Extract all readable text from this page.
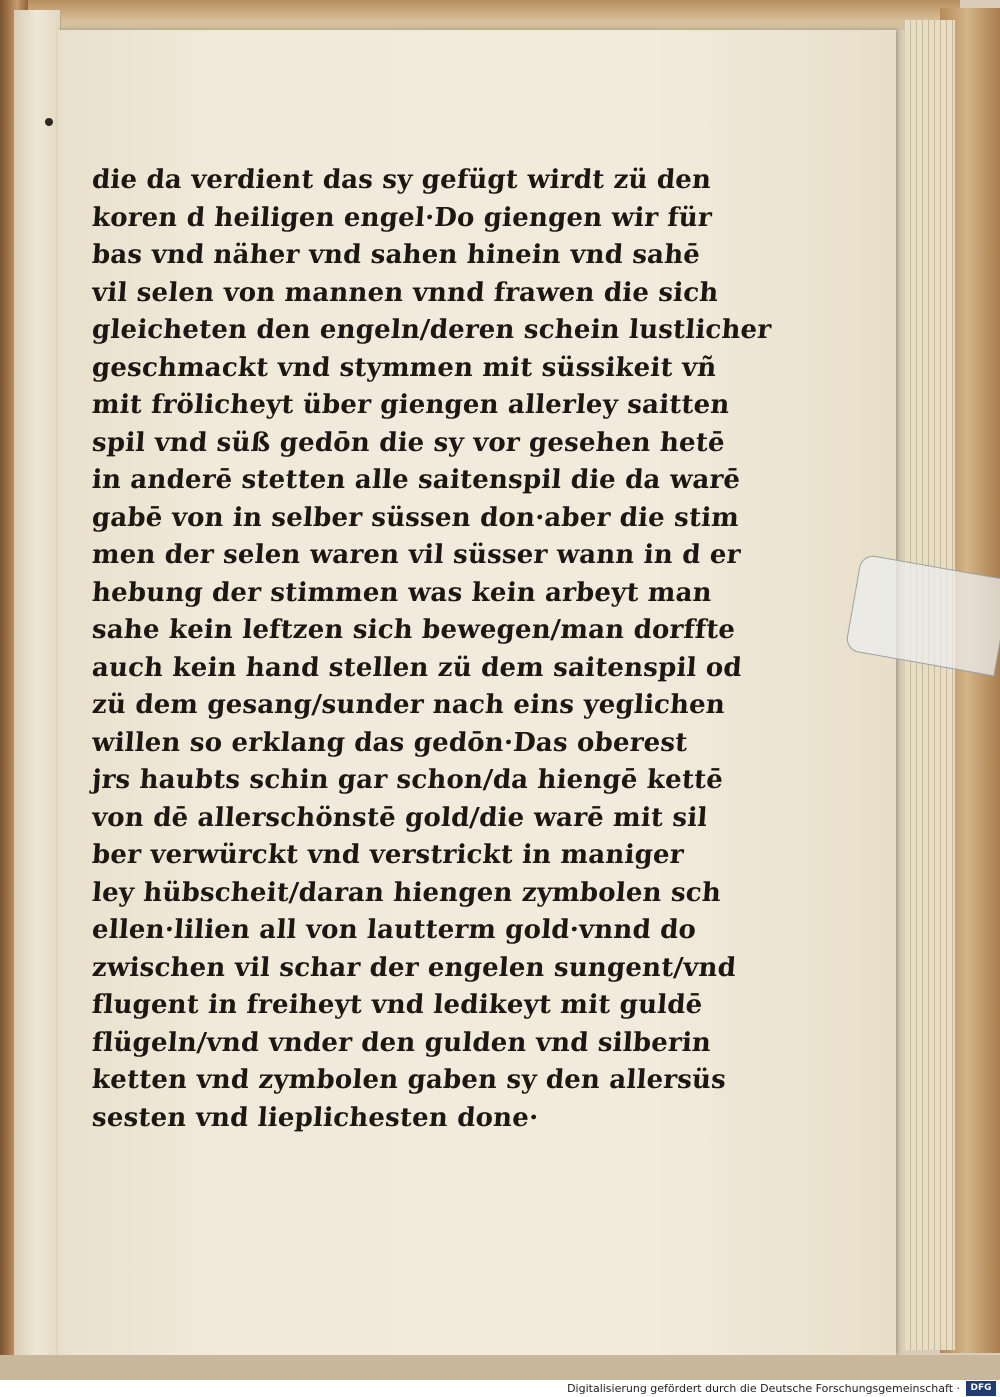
die da verdient das sy gefügt wirdt zü den
koren d heiligen engel·Do giengen wir für
bas vnd näher vnd sahen hinein vnd sahē
vil selen von mannen vnnd frawen die sich
gleicheten den engeln/deren schein lustlicher
geschmackt vnd stymmen mit süssikeit vñ
mit frölicheyt über giengen allerley saitten
spil vnd süß gedōn die sy vor gesehen hetē
in anderē stetten alle saitenspil die da warē
gabē von in selber süssen don·aber die stim
men der selen waren vil süsser wann in d er
hebung der stimmen was kein arbeyt man
sahe kein leftzen sich bewegen/man dorffte
auch kein hand stellen zü dem saitenspil od
zü dem gesang/sunder nach eins yeglichen
willen so erklang das gedōn·Das oberest
jrs haubts schin gar schon/da hiengē kettē
von dē allerschönstē gold/die warē mit sil
ber verwürckt vnd verstrickt in maniger
ley hübscheit/daran hiengen zymbolen sch
ellen·lilien all von lautterm gold·vnnd do
zwischen vil schar der engelen sungent/vnd
flugent in freiheyt vnd ledikeyt mit guldē
flügeln/vnd vnder den gulden vnd silberin
ketten vnd zymbolen gaben sy den allersüs
sesten vnd lieplichesten done·
Digitalisierung gefördert durch die Deutsche Forschungsgemeinschaft ·	DFG
